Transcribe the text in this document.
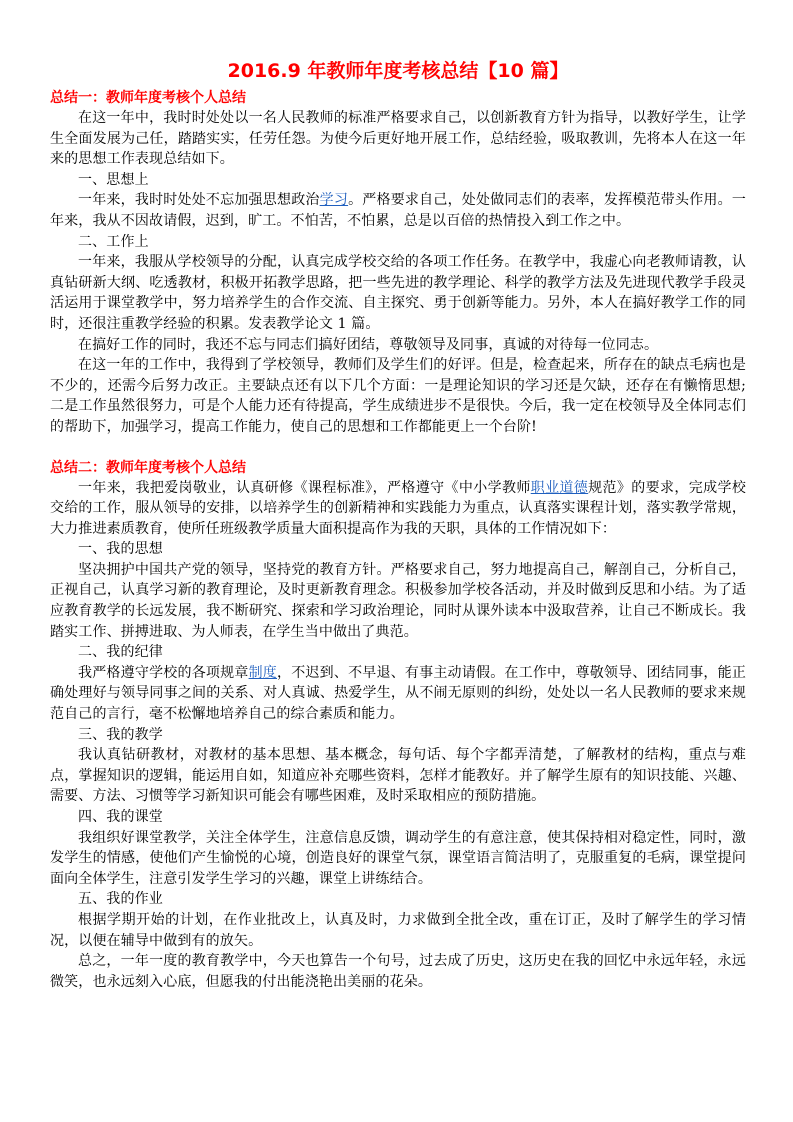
2016.9 年教师年度考核总结【10 篇】
总结一：教师年度考核个人总结

在这一年中，我时时处处以一名人民教师的标准严格要求自己，以创新教育方针为指导，以教好学生，让学生全面发展为己任，踏踏实实，任劳任怨。为使今后更好地开展工作，总结经验，吸取教训，先将本人在这一年来的思想工作表现总结如下。

一、思想上

一年来，我时时处处不忘加强思想政治学习。严格要求自己，处处做同志们的表率，发挥模范带头作用。一年来，我从不因故请假，迟到，旷工。不怕苦，不怕累，总是以百倍的热情投入到工作之中。

二、工作上

一年来，我服从学校领导的分配，认真完成学校交给的各项工作任务。在教学中，我虚心向老教师请教，认真钻研新大纲、吃透教材，积极开拓教学思路，把一些先进的教学理论、科学的教学方法及先进现代教学手段灵活运用于课堂教学中，努力培养学生的合作交流、自主探究、勇于创新等能力。另外，本人在搞好教学工作的同时，还很注重教学经验的积累。发表教学论文 1 篇。

在搞好工作的同时，我还不忘与同志们搞好团结，尊敬领导及同事，真诚的对待每一位同志。

在这一年的工作中，我得到了学校领导，教师们及学生们的好评。但是，检查起来，所存在的缺点毛病也是不少的，还需今后努力改正。主要缺点还有以下几个方面：一是理论知识的学习还是欠缺，还存在有懒惰思想;二是工作虽然很努力，可是个人能力还有待提高，学生成绩进步不是很快。今后，我一定在校领导及全体同志们的帮助下，加强学习，提高工作能力，使自己的思想和工作都能更上一个台阶!

总结二：教师年度考核个人总结

一年来，我把爱岗敬业，认真研修《课程标准》，严格遵守《中小学教师职业道德规范》的要求，完成学校交给的工作，服从领导的安排，以培养学生的创新精神和实践能力为重点，认真落实课程计划，落实教学常规，大力推进素质教育，使所任班级教学质量大面积提高作为我的天职，具体的工作情况如下：

一、我的思想

坚决拥护中国共产党的领导，坚持党的教育方针。严格要求自己，努力地提高自己，解剖自己，分析自己，正视自己，认真学习新的教育理论，及时更新教育理念。积极参加学校各活动，并及时做到反思和小结。为了适应教育教学的长远发展，我不断研究、探索和学习政治理论，同时从课外读本中汲取营养，让自己不断成长。我踏实工作、拼搏进取、为人师表，在学生当中做出了典范。

二、我的纪律

我严格遵守学校的各项规章制度，不迟到、不早退、有事主动请假。在工作中，尊敬领导、团结同事，能正确处理好与领导同事之间的关系、对人真诚、热爱学生，从不闹无原则的纠纷，处处以一名人民教师的要求来规范自己的言行，毫不松懈地培养自己的综合素质和能力。

三、我的教学

我认真钻研教材，对教材的基本思想、基本概念，每句话、每个字都弄清楚，了解教材的结构，重点与难点，掌握知识的逻辑，能运用自如，知道应补充哪些资料，怎样才能教好。并了解学生原有的知识技能、兴趣、需要、方法、习惯等学习新知识可能会有哪些困难，及时采取相应的预防措施。

四、我的课堂

我组织好课堂教学，关注全体学生，注意信息反馈，调动学生的有意注意，使其保持相对稳定性，同时，激发学生的情感，使他们产生愉悦的心境，创造良好的课堂气氛，课堂语言简洁明了，克服重复的毛病，课堂提问面向全体学生，注意引发学生学习的兴趣，课堂上讲练结合。

五、我的作业

根据学期开始的计划，在作业批改上，认真及时，力求做到全批全改，重在订正，及时了解学生的学习情况，以便在辅导中做到有的放矢。

总之，一年一度的教育教学中，今天也算告一个句号，过去成了历史，这历史在我的回忆中永远年轻，永远微笑，也永远刻入心底，但愿我的付出能浇艳出美丽的花朵。
